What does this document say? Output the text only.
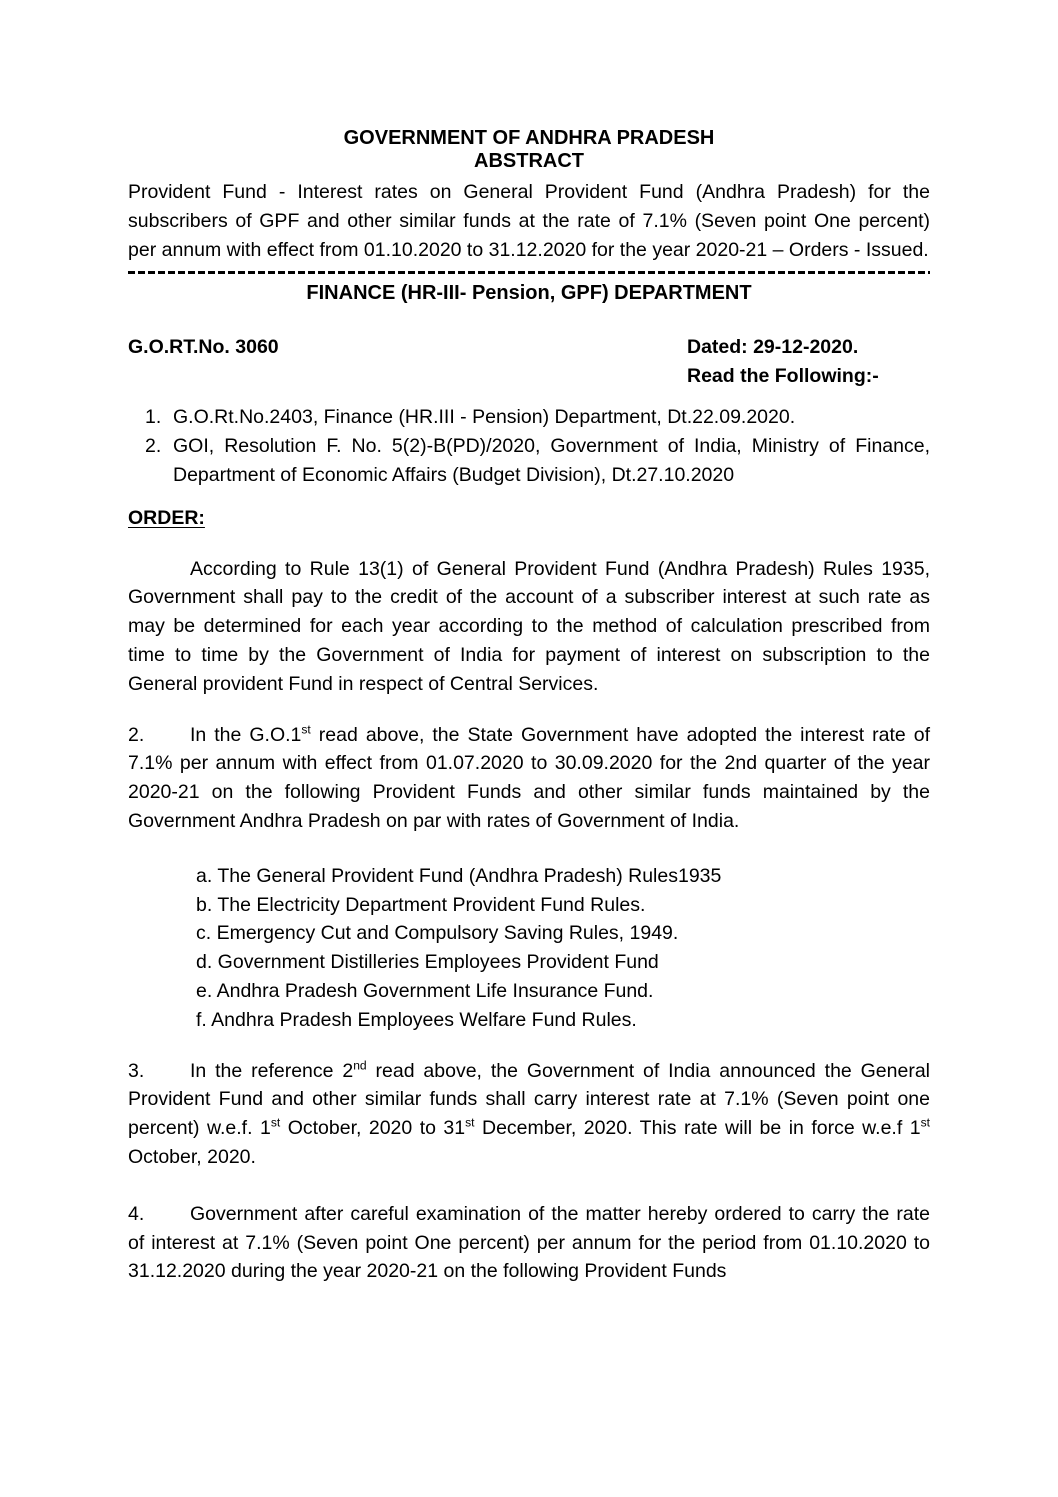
GOVERNMENT OF ANDHRA PRADESH
ABSTRACT

Provident Fund - Interest rates on General Provident Fund (Andhra Pradesh) for the subscribers of GPF and other similar funds at the rate of 7.1% (Seven point One percent) per annum with effect from 01.10.2020 to 31.12.2020 for the year 2020-21 – Orders - Issued.

FINANCE (HR-III- Pension, GPF) DEPARTMENT
G.O.RT.No. 3060	Dated: 29-12-2020.
Read the Following:-
1. G.O.Rt.No.2403, Finance (HR.III - Pension) Department, Dt.22.09.2020.
2. GOI, Resolution F. No. 5(2)-B(PD)/2020, Government of India, Ministry of Finance, Department of Economic Affairs (Budget Division), Dt.27.10.2020
ORDER:

According to Rule 13(1) of General Provident Fund (Andhra Pradesh) Rules 1935, Government shall pay to the credit of the account of a subscriber interest at such rate as may be determined for each year according to the method of calculation prescribed from time to time by the Government of India for payment of interest on subscription to the General provident Fund in respect of Central Services.

2. In the G.O.1st read above, the State Government have adopted the interest rate of 7.1% per annum with effect from 01.07.2020 to 30.09.2020 for the 2nd quarter of the year 2020-21 on the following Provident Funds and other similar funds maintained by the Government Andhra Pradesh on par with rates of Government of India.

a. The General Provident Fund (Andhra Pradesh) Rules1935
b. The Electricity Department Provident Fund Rules.
c. Emergency Cut and Compulsory Saving Rules, 1949.
d. Government Distilleries Employees Provident Fund
e. Andhra Pradesh Government Life Insurance Fund.
f. Andhra Pradesh Employees Welfare Fund Rules.

3. In the reference 2nd read above, the Government of India announced the General Provident Fund and other similar funds shall carry interest rate at 7.1% (Seven point one percent) w.e.f. 1st October, 2020 to 31st December, 2020. This rate will be in force w.e.f 1st October, 2020.

4. Government after careful examination of the matter hereby ordered to carry the rate of interest at 7.1% (Seven point One percent) per annum for the period from 01.10.2020 to 31.12.2020 during the year 2020-21 on the following Provident Funds
